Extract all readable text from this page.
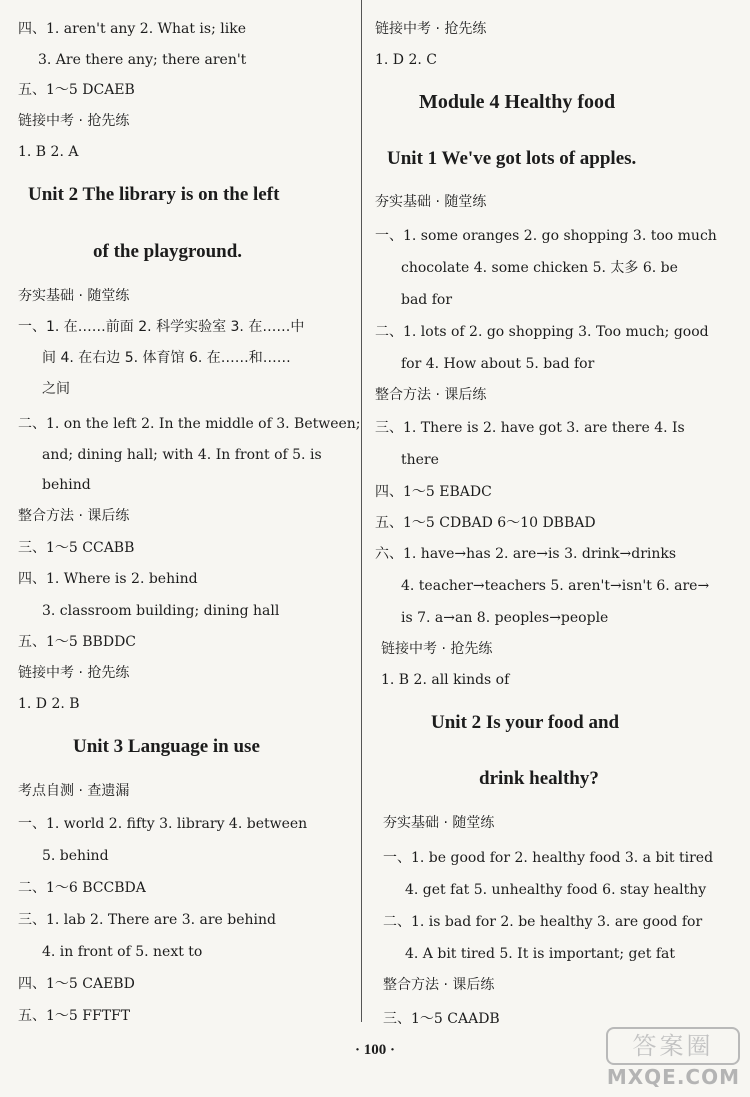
四、1. aren't any 2. What is; like
3. Are there any; there aren't
五、1～5 DCAEB
链接中考 · 抢先练
1. B 2. A
Unit 2 The library is on the left
of the playground.
夯实基础 · 随堂练
一、1. 在……前面 2. 科学实验室 3. 在……中
间 4. 在右边 5. 体育馆 6. 在……和……
之间
二、1. on the left 2. In the middle of 3. Between;
and; dining hall; with 4. In front of 5. is
behind
整合方法 · 课后练
三、1～5 CCABB
四、1. Where is 2. behind
3. classroom building; dining hall
五、1～5 BBDDC
链接中考 · 抢先练
1. D 2. B
Unit 3 Language in use
考点自测 · 查遗漏
一、1. world 2. fifty 3. library 4. between
5. behind
二、1～6 BCCBDA
三、1. lab 2. There are 3. are behind
4. in front of 5. next to
四、1～5 CAEBD
五、1～5 FFTFT
链接中考 · 抢先练
1. D 2. C
Module 4 Healthy food
Unit 1 We've got lots of apples.
夯实基础 · 随堂练
一、1. some oranges 2. go shopping 3. too much
chocolate 4. some chicken 5. 太多 6. be
bad for
二、1. lots of 2. go shopping 3. Too much; good
for 4. How about 5. bad for
整合方法 · 课后练
三、1. There is 2. have got 3. are there 4. Is
there
四、1～5 EBADC
五、1～5 CDBAD 6～10 DBBAD
六、1. have→has 2. are→is 3. drink→drinks
4. teacher→teachers 5. aren't→isn't 6. are→
is 7. a→an 8. peoples→people
链接中考 · 抢先练
1. B 2. all kinds of
Unit 2 Is your food and
drink healthy?
夯实基础 · 随堂练
一、1. be good for 2. healthy food 3. a bit tired
4. get fat 5. unhealthy food 6. stay healthy
二、1. is bad for 2. be healthy 3. are good for
4. A bit tired 5. It is important; get fat
整合方法 · 课后练
三、1～5 CAADB
· 100 ·	答案圈
MXQE.COM
